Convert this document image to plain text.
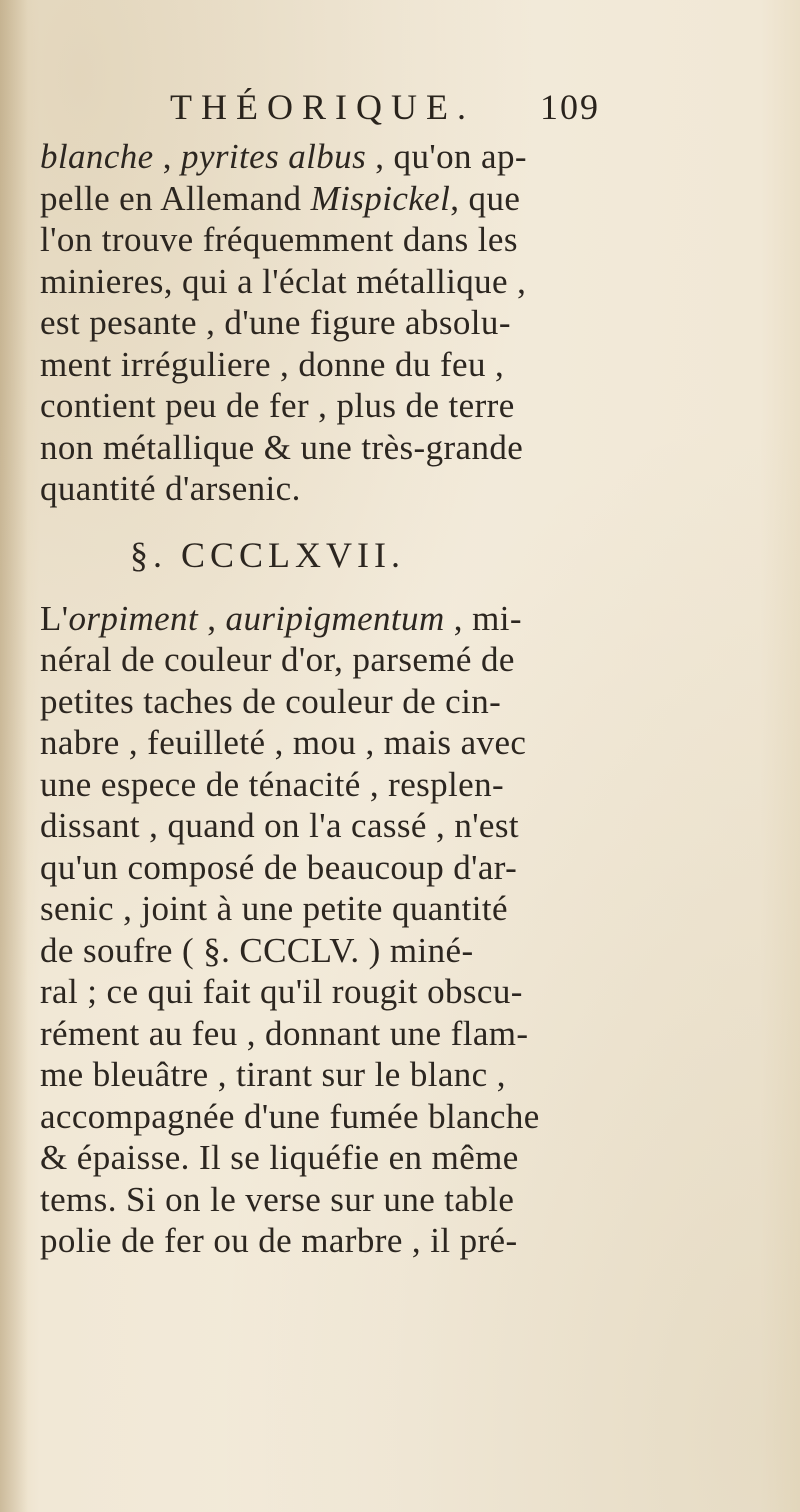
THÉORIQUE. 109
blanche , pyrites albus , qu'on ap-
pelle en Allemand Mispickel, que
l'on trouve fréquemment dans les
minieres, qui a l'éclat métallique ,
est pesante , d'une figure absolu-
ment irréguliere , donne du feu ,
contient peu de fer , plus de terre
non métallique & une très-grande
quantité d'arsenic.
§. CCCLXVII.
L'orpiment , auripigmentum , mi-
néral de couleur d'or, parsemé de
petites taches de couleur de cin-
nabre , feuilleté , mou , mais avec
une espece de ténacité , resplen-
dissant , quand on l'a cassé , n'est
qu'un composé de beaucoup d'ar-
senic , joint à une petite quantité
de soufre ( §. CCCLV. ) miné-
ral ; ce qui fait qu'il rougit obscu-
rément au feu , donnant une flam-
me bleuâtre , tirant sur le blanc ,
accompagnée d'une fumée blanche
& épaisse. Il se liquéfie en même
tems. Si on le verse sur une table
polie de fer ou de marbre , il pré-
